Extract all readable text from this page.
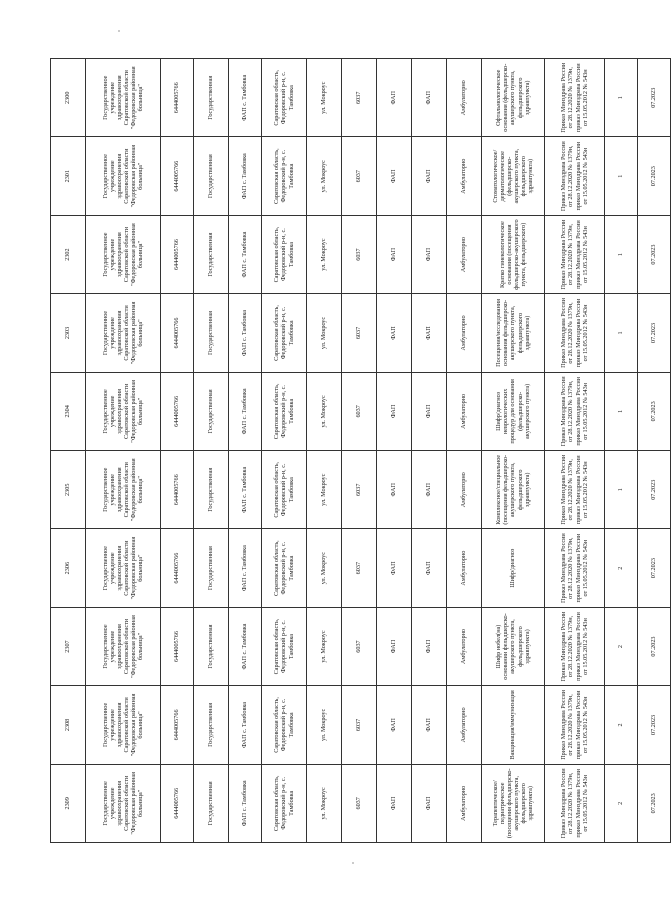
2309	2308	2307	2306	2305	2304	2303	2302	2301	2300
Государственное учреждение здравоохранения Саратовской области "Федоровская районная больница"	Государственное учреждение здравоохранения Саратовской области "Федоровская районная больница"	Государственное учреждение здравоохранения Саратовской области "Федоровская районная больница"	Государственное учреждение здравоохранения Саратовской области "Федоровская районная больница"	Государственное учреждение здравоохранения Саратовской области "Федоровская районная больница"	Государственное учреждение здравоохранения Саратовской области "Федоровская районная больница"	Государственное учреждение здравоохранения Саратовской области "Федоровская районная больница"	Государственное учреждение здравоохранения Саратовской области "Федоровская районная больница"	Государственное учреждение здравоохранения Саратовской области "Федоровская районная больница"	Государственное учреждение здравоохранения Саратовской области "Федоровская районная больница"
6444005766	6444005766	6444005766	6444005766	6444005766	6444005766	6444005766	6444005766	6444005766	6444005766
Государственная	Государственная	Государственная	Государственная	Государственная	Государственная	Государственная	Государственная	Государственная	Государственная
ФАП с. Тамбовка	ФАП с. Тамбовка	ФАП с. Тамбовка	ФАП с. Тамбовка	ФАП с. Тамбовка	ФАП с. Тамбовка	ФАП с. Тамбовка	ФАП с. Тамбовка	ФАП с. Тамбовка	ФАП с. Тамбовка
Саратовская область, Федоровский р-н, с. Тамбовка	Саратовская область, Федоровский р-н, с. Тамбовка	Саратовская область, Федоровский р-н, с. Тамбовка	Саратовская область, Федоровский р-н, с. Тамбовка	Саратовская область, Федоровский р-н, с. Тамбовка	Саратовская область, Федоровский р-н, с. Тамбовка	Саратовская область, Федоровский р-н, с. Тамбовка	Саратовская область, Федоровский р-н, с. Тамбовка	Саратовская область, Федоровский р-н, с. Тамбовка	Саратовская область, Федоровский р-н, с. Тамбовка
ул. Мокроус	ул. Мокроус	ул. Мокроус	ул. Мокроус	ул. Мокроус	ул. Мокроус	ул. Мокроус	ул. Мокроус	ул. Мокроус	ул. Мокроус
6037	6037	6037	6037	6037	6037	6037	6037	6037	6037
ФАП	ФАП	ФАП	ФАП	ФАП	ФАП	ФАП	ФАП	ФАП	ФАП
ФАП	ФАП	ФАП	ФАП	ФАП	ФАП	ФАП	ФАП	ФАП	ФАП
Амбулаторно	Амбулаторно	Амбулаторно	Амбулаторно	Амбулаторно	Амбулаторно	Амбулаторно	Амбулаторно	Амбулаторно	Амбулаторно
Терапевтическое/педиатрическое (посещения фельдшерско-акушерского пункта, фельдшерского здравпункта)	Вакцинация/иммунизация	Шифр нобел(на) основании фельдшерско-акушерского пункта, фельдшерского здравпункта)	Шифр/диагноз	Комплексное/специальное (посещения фельдшерско-акушерского пункта, фельдшерского здравпункта)	Шифр/диагноз неврологических процедур для основания (фельдшерско-акушерского пункта)	Посещения/исследования основания фельдшерско-акушерского пункта, фельдшерского здравпункта)	Кратко гинекологическое основания (посещения фельдшерско-акушерского пункта, фельдшерского)	Стоматологическое/дерматологическое (фельдшерско-акушерского пункта, фельдшерского здравпункта)	Офтальмологическое основания (фельдшерско-акушерского пункта, фельдшерского здравпункта)
Приказ Минздрава России от 28.12.2020 № 1379н, приказ Минздрава России от 15.05.2012 № 543н	Приказ Минздрава России от 28.12.2020 № 1379н, приказ Минздрава России от 15.05.2012 № 543н	Приказ Минздрава России от 28.12.2020 № 1379н, приказ Минздрава России от 15.05.2012 № 543н	Приказ Минздрава России от 28.12.2020 № 1379н, приказ Минздрава России от 15.05.2012 № 543н	Приказ Минздрава России от 28.12.2020 № 1379н, приказ Минздрава России от 15.05.2012 № 543н	Приказ Минздрава России от 28.12.2020 № 1379н, приказ Минздрава России от 15.05.2012 № 543н	Приказ Минздрава России от 28.12.2020 № 1379н, приказ Минздрава России от 15.05.2012 № 543н	Приказ Минздрава России от 28.12.2020 № 1379н, приказ Минздрава России от 15.05.2012 № 543н	Приказ Минздрава России от 28.12.2020 № 1379н, приказ Минздрава России от 15.05.2012 № 543н	Приказ Минздрава России от 28.12.2020 № 1379н, приказ Минздрава России от 15.05.2012 № 543н
2	2	2	2	1	1	1	1	1	1
07.2023	07.2023	07.2023	07.2023	07.2023	07.2023	07.2023	07.2023	07.2023	07.2023
